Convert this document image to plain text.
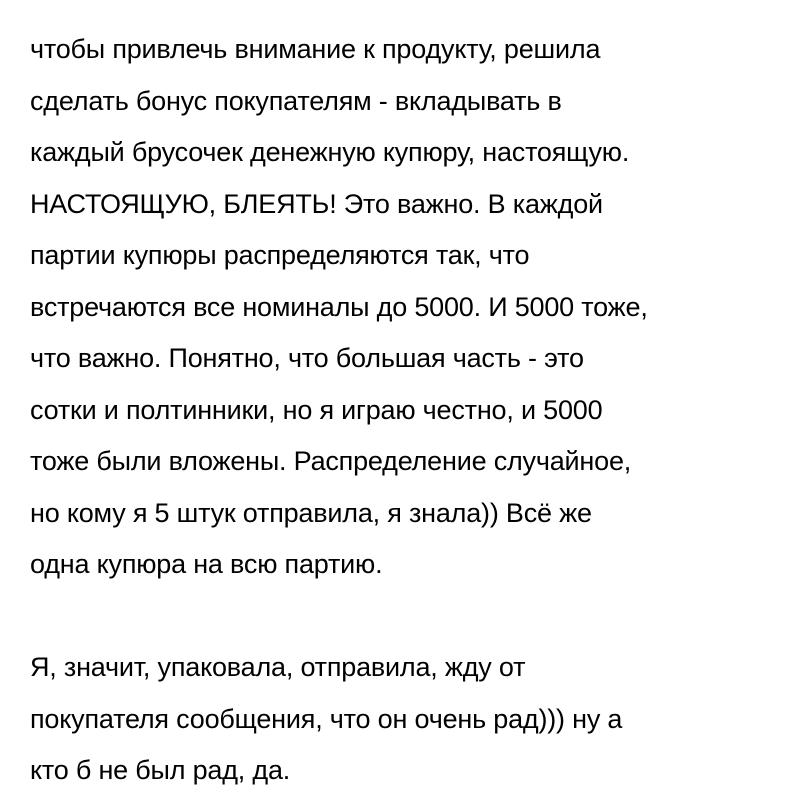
чтобы привлечь внимание к продукту, решила
сделать бонус покупателям - вкладывать в
каждый брусочек денежную купюру, настоящую.
НАСТОЯЩУЮ, БЛЕЯТЬ! Это важно. В каждой
партии купюры распределяются так, что
встречаются все номиналы до 5000. И 5000 тоже,
что важно. Понятно, что большая часть - это
сотки и полтинники, но я играю честно, и 5000
тоже были вложены. Распределение случайное,
но кому я 5 штук отправила, я знала)) Всё же
одна купюра на всю партию.

Я, значит, упаковала, отправила, жду от
покупателя сообщения, что он очень рад))) ну а
кто б не был рад, да.
